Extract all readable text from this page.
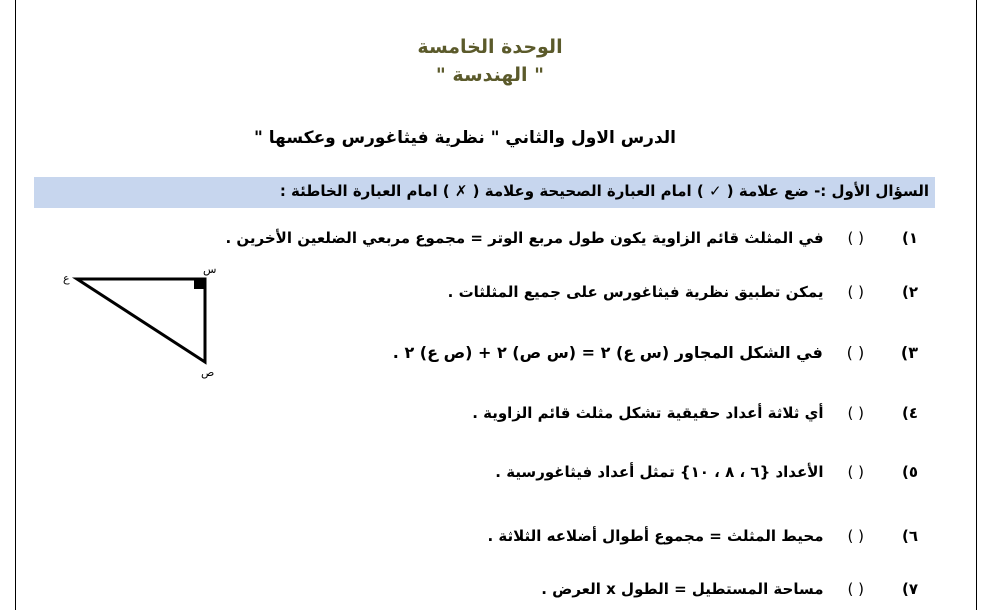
الوحدة الخامسة
" الهندسة "
الدرس الاول والثاني " نظرية فيثاغورس وعكسها "
السؤال الأول :- ضع علامة ( ✓ ) امام العبارة الصحيحة وعلامة ( ✗ ) امام العبارة الخاطئة :
١) ( ) في المثلث قائم الزاوية يكون طول مربع الوتر = مجموع مربعي الضلعين الأخرين .
٢) ( ) يمكن تطبيق نظرية فيثاغورس على جميع المثلثات .
٣) ( ) في الشكل المجاور (س ع) ٢ = (س ص) ٢ + (ص ع) ٢ .
٤) ( ) أي ثلاثة أعداد حقيقية تشكل مثلث قائم الزاوية .
٥) ( ) الأعداد {٦ ، ٨ ، ١٠} تمثل أعداد فيثاغورسية .
٦) ( ) محيط المثلث = مجموع أطوال أضلاعه الثلاثة .
٧) ( ) مساحة المستطيل = الطول x العرض .
ع
س
ص
